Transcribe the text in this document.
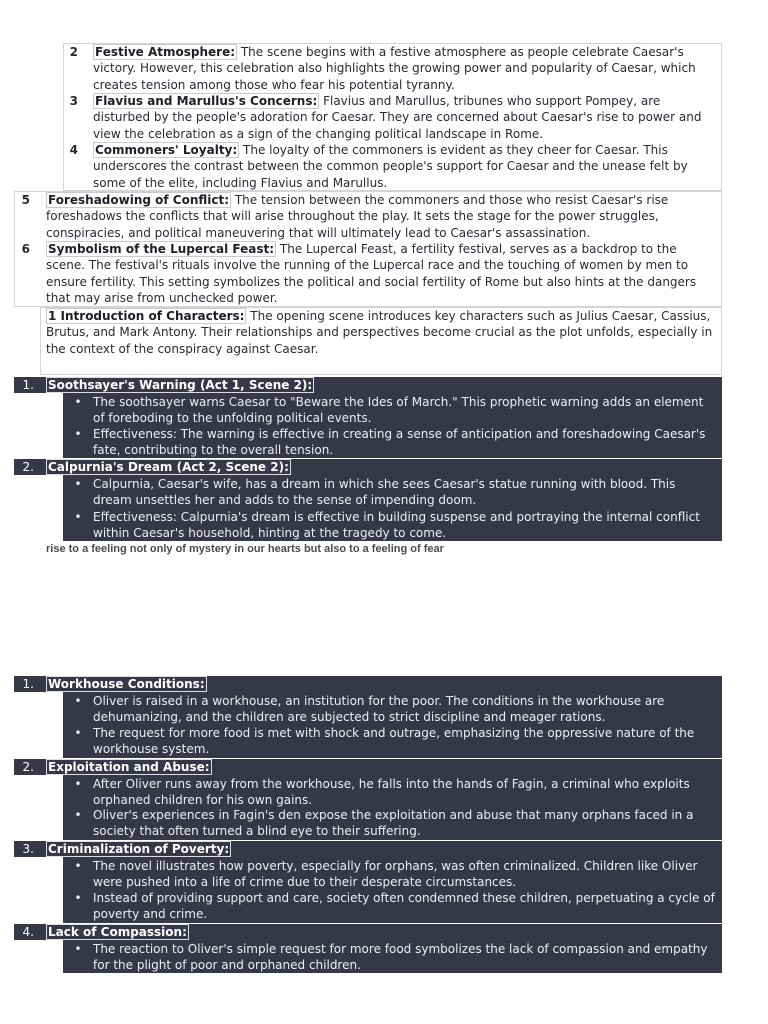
2 Festive Atmosphere: The scene begins with a festive atmosphere as people celebrate Caesar's victory. However, this celebration also highlights the growing power and popularity of Caesar, which creates tension among those who fear his potential tyranny.
3 Flavius and Marullus's Concerns: Flavius and Marullus, tribunes who support Pompey, are disturbed by the people's adoration for Caesar. They are concerned about Caesar's rise to power and view the celebration as a sign of the changing political landscape in Rome.
4 Commoners' Loyalty: The loyalty of the commoners is evident as they cheer for Caesar. This underscores the contrast between the common people's support for Caesar and the unease felt by some of the elite, including Flavius and Marullus.
5 Foreshadowing of Conflict: The tension between the commoners and those who resist Caesar's rise foreshadows the conflicts that will arise throughout the play. It sets the stage for the power struggles, conspiracies, and political maneuvering that will ultimately lead to Caesar's assassination.
6 Symbolism of the Lupercal Feast: The Lupercal Feast, a fertility festival, serves as a backdrop to the scene. The festival's rituals involve the running of the Lupercal race and the touching of women by men to ensure fertility. This setting symbolizes the political and social fertility of Rome but also hints at the dangers that may arise from unchecked power.
1 Introduction of Characters: The opening scene introduces key characters such as Julius Caesar, Cassius, Brutus, and Mark Antony. Their relationships and perspectives become crucial as the plot unfolds, especially in the context of the conspiracy against Caesar.
1. Soothsayer's Warning (Act 1, Scene 2):
• The soothsayer warns Caesar to "Beware the Ides of March." This prophetic warning adds an element of foreboding to the unfolding political events.
• Effectiveness: The warning is effective in creating a sense of anticipation and foreshadowing Caesar's fate, contributing to the overall tension.
2. Calpurnia's Dream (Act 2, Scene 2):
• Calpurnia, Caesar's wife, has a dream in which she sees Caesar's statue running with blood. This dream unsettles her and adds to the sense of impending doom.
• Effectiveness: Calpurnia's dream is effective in building suspense and portraying the internal conflict within Caesar's household, hinting at the tragedy to come.
rise to a feeling not only of mystery in our hearts but also to a feeling of fear
1. Workhouse Conditions:
• Oliver is raised in a workhouse, an institution for the poor. The conditions in the workhouse are dehumanizing, and the children are subjected to strict discipline and meager rations.
• The request for more food is met with shock and outrage, emphasizing the oppressive nature of the workhouse system.
2. Exploitation and Abuse:
• After Oliver runs away from the workhouse, he falls into the hands of Fagin, a criminal who exploits orphaned children for his own gains.
• Oliver's experiences in Fagin's den expose the exploitation and abuse that many orphans faced in a society that often turned a blind eye to their suffering.
3. Criminalization of Poverty:
• The novel illustrates how poverty, especially for orphans, was often criminalized. Children like Oliver were pushed into a life of crime due to their desperate circumstances.
• Instead of providing support and care, society often condemned these children, perpetuating a cycle of poverty and crime.
4. Lack of Compassion:
• The reaction to Oliver's simple request for more food symbolizes the lack of compassion and empathy for the plight of poor and orphaned children.
